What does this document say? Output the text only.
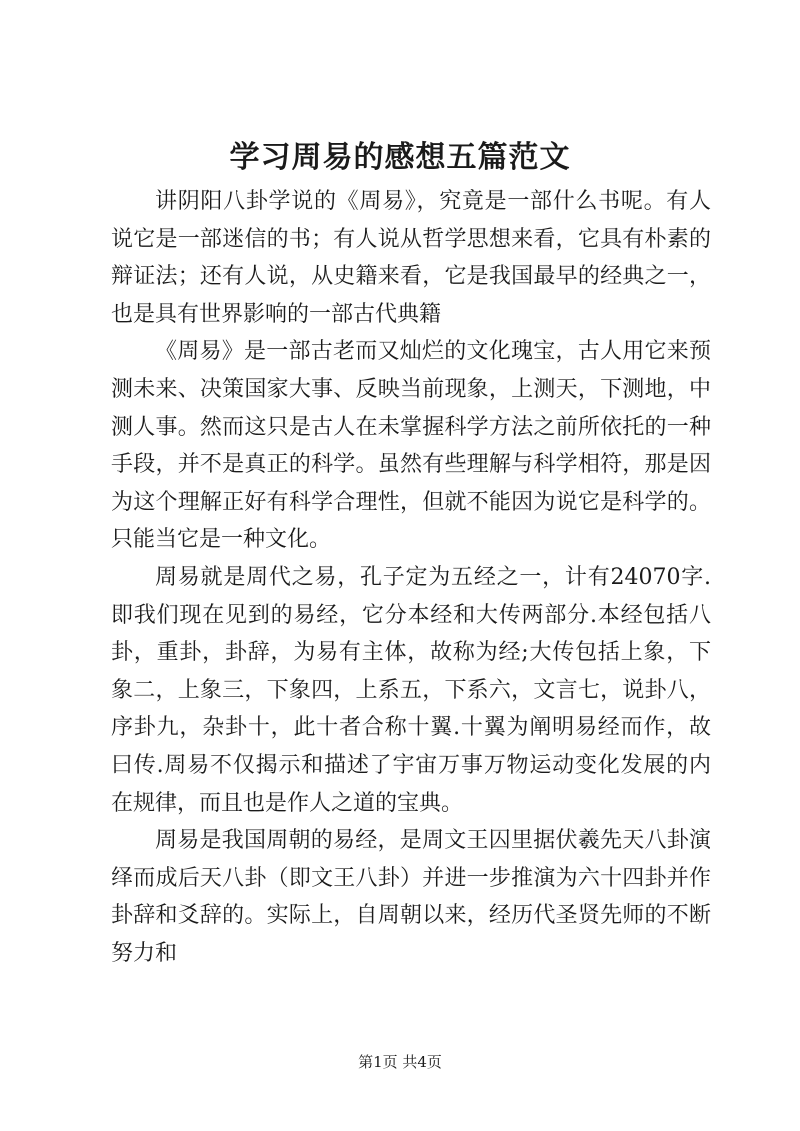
学习周易的感想五篇范文

讲阴阳八卦学说的《周易》，究竟是一部什么书呢。有人说它是一部迷信的书；有人说从哲学思想来看，它具有朴素的辩证法；还有人说，从史籍来看，它是我国最早的经典之一，也是具有世界影响的一部古代典籍

《周易》是一部古老而又灿烂的文化瑰宝，古人用它来预测未来、决策国家大事、反映当前现象，上测天，下测地，中测人事。然而这只是古人在未掌握科学方法之前所依托的一种手段，并不是真正的科学。虽然有些理解与科学相符，那是因为这个理解正好有科学合理性，但就不能因为说它是科学的。只能当它是一种文化。

周易就是周代之易，孔子定为五经之一，计有24070字.即我们现在见到的易经，它分本经和大传两部分.本经包括八卦，重卦，卦辞，为易有主体，故称为经;大传包括上象，下象二，上象三，下象四，上系五，下系六，文言七，说卦八，序卦九，杂卦十，此十者合称十翼.十翼为阐明易经而作，故曰传.周易不仅揭示和描述了宇宙万事万物运动变化发展的内在规律，而且也是作人之道的宝典。

周易是我国周朝的易经，是周文王囚里据伏羲先天八卦演绎而成后天八卦（即文王八卦）并进一步推演为六十四卦并作卦辞和爻辞的。实际上，自周朝以来，经历代圣贤先师的不断努力和

第1页 共4页
